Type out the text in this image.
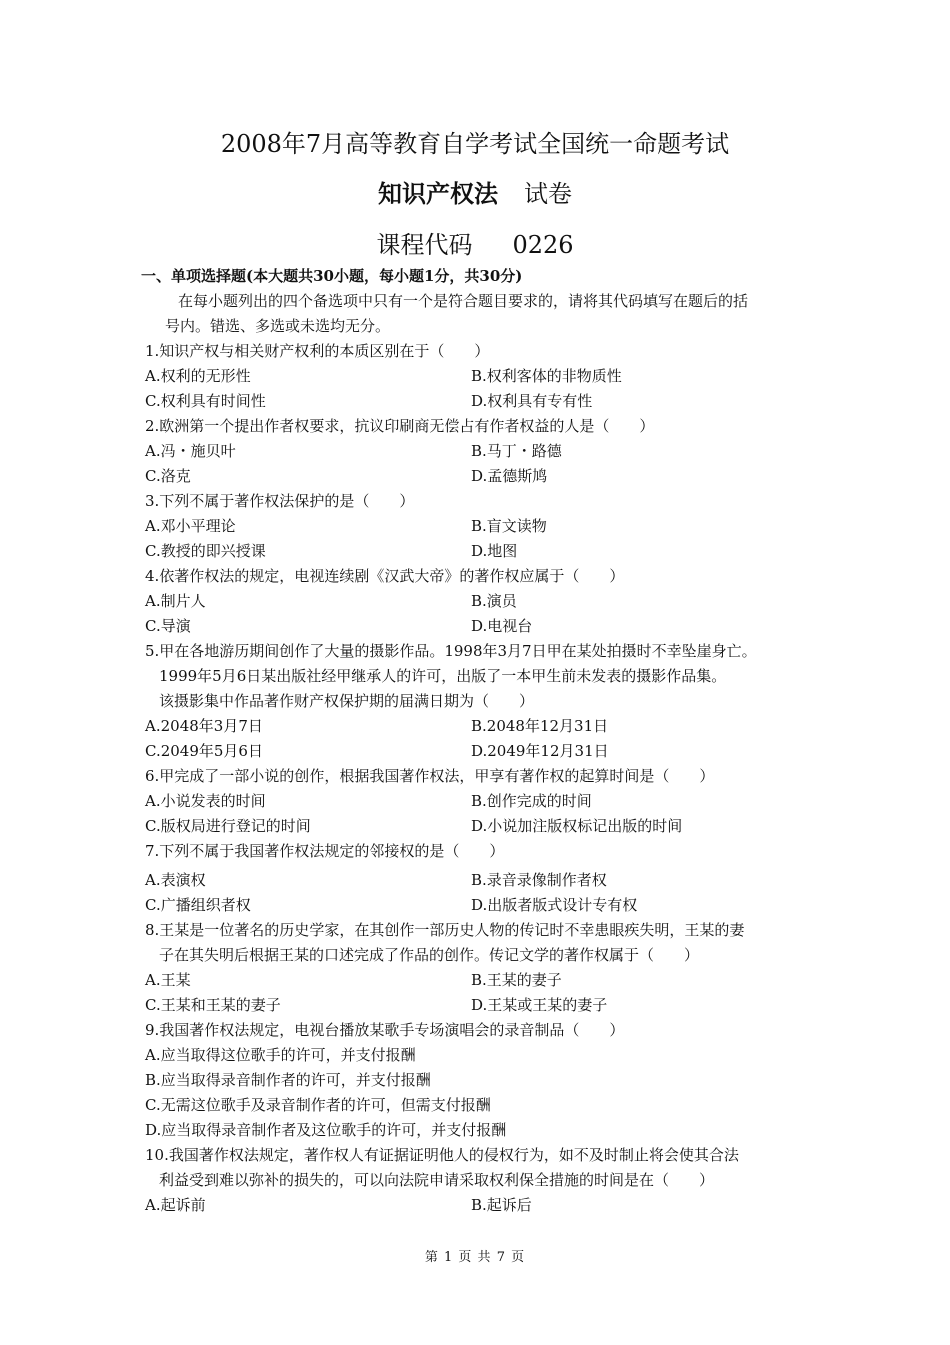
2008年7月高等教育自学考试全国统一命题考试
知识产权法 试卷
课程代码 0226
一、单项选择题(本大题共30小题，每小题1分，共30分)
在每小题列出的四个备选项中只有一个是符合题目要求的，请将其代码填写在题后的括
号内。错选、多选或未选均无分。
1.知识产权与相关财产权利的本质区别在于（　　）
A.权利的无形性	B.权利客体的非物质性
C.权利具有时间性	D.权利具有专有性
2.欧洲第一个提出作者权要求，抗议印刷商无偿占有作者权益的人是（　　）
A.冯・施贝叶	B.马丁・路德
C.洛克	D.孟德斯鸠
3.下列不属于著作权法保护的是（　　）
A.邓小平理论	B.盲文读物
C.教授的即兴授课	D.地图
4.依著作权法的规定，电视连续剧《汉武大帝》的著作权应属于（　　）
A.制片人	B.演员
C.导演	D.电视台
5.甲在各地游历期间创作了大量的摄影作品。1998年3月7日甲在某处拍摄时不幸坠崖身亡。
1999年5月6日某出版社经甲继承人的许可，出版了一本甲生前未发表的摄影作品集。
该摄影集中作品著作财产权保护期的届满日期为（　　）
A.2048年3月7日	B.2048年12月31日
C.2049年5月6日	D.2049年12月31日
6.甲完成了一部小说的创作，根据我国著作权法，甲享有著作权的起算时间是（　　）
A.小说发表的时间	B.创作完成的时间
C.版权局进行登记的时间	D.小说加注版权标记出版的时间
7.下列不属于我国著作权法规定的邻接权的是（　　）
A.表演权	B.录音录像制作者权
C.广播组织者权	D.出版者版式设计专有权
8.王某是一位著名的历史学家，在其创作一部历史人物的传记时不幸患眼疾失明，王某的妻
子在其失明后根据王某的口述完成了作品的创作。传记文学的著作权属于（　　）
A.王某	B.王某的妻子
C.王某和王某的妻子	D.王某或王某的妻子
9.我国著作权法规定，电视台播放某歌手专场演唱会的录音制品（　　）
A.应当取得这位歌手的许可，并支付报酬
B.应当取得录音制作者的许可，并支付报酬
C.无需这位歌手及录音制作者的许可，但需支付报酬
D.应当取得录音制作者及这位歌手的许可，并支付报酬
10.我国著作权法规定，著作权人有证据证明他人的侵权行为，如不及时制止将会使其合法
利益受到难以弥补的损失的，可以向法院申请采取权利保全措施的时间是在（　　）
A.起诉前	B.起诉后
第 1 页 共 7 页
